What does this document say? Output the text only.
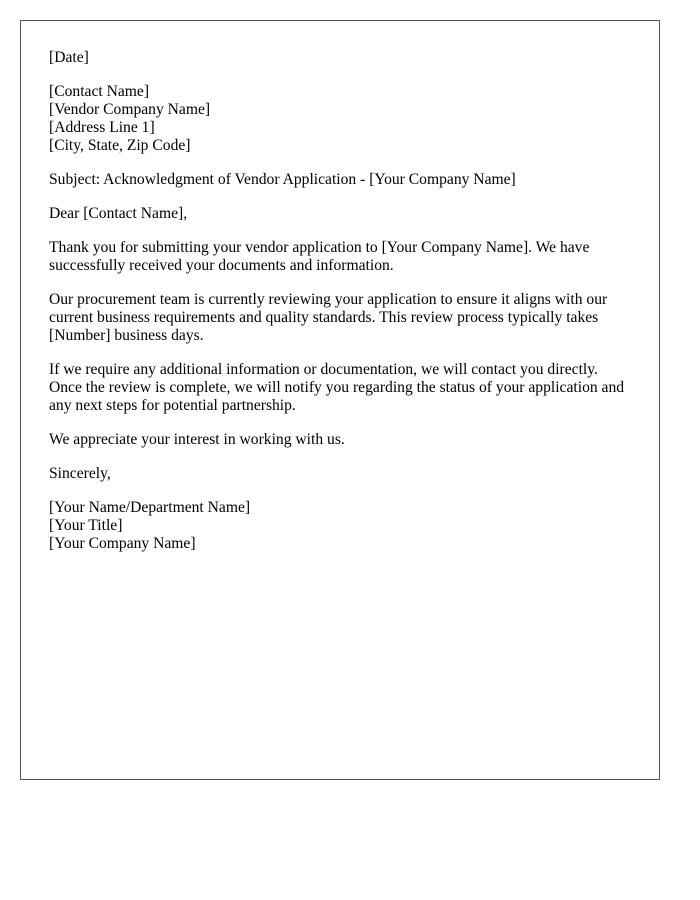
[Date]

[Contact Name]
[Vendor Company Name]
[Address Line 1]
[City, State, Zip Code]

Subject: Acknowledgment of Vendor Application - [Your Company Name]

Dear [Contact Name],

Thank you for submitting your vendor application to [Your Company Name]. We have successfully received your documents and information.

Our procurement team is currently reviewing your application to ensure it aligns with our current business requirements and quality standards. This review process typically takes [Number] business days.

If we require any additional information or documentation, we will contact you directly. Once the review is complete, we will notify you regarding the status of your application and any next steps for potential partnership.

We appreciate your interest in working with us.

Sincerely,

[Your Name/Department Name]
[Your Title]
[Your Company Name]
